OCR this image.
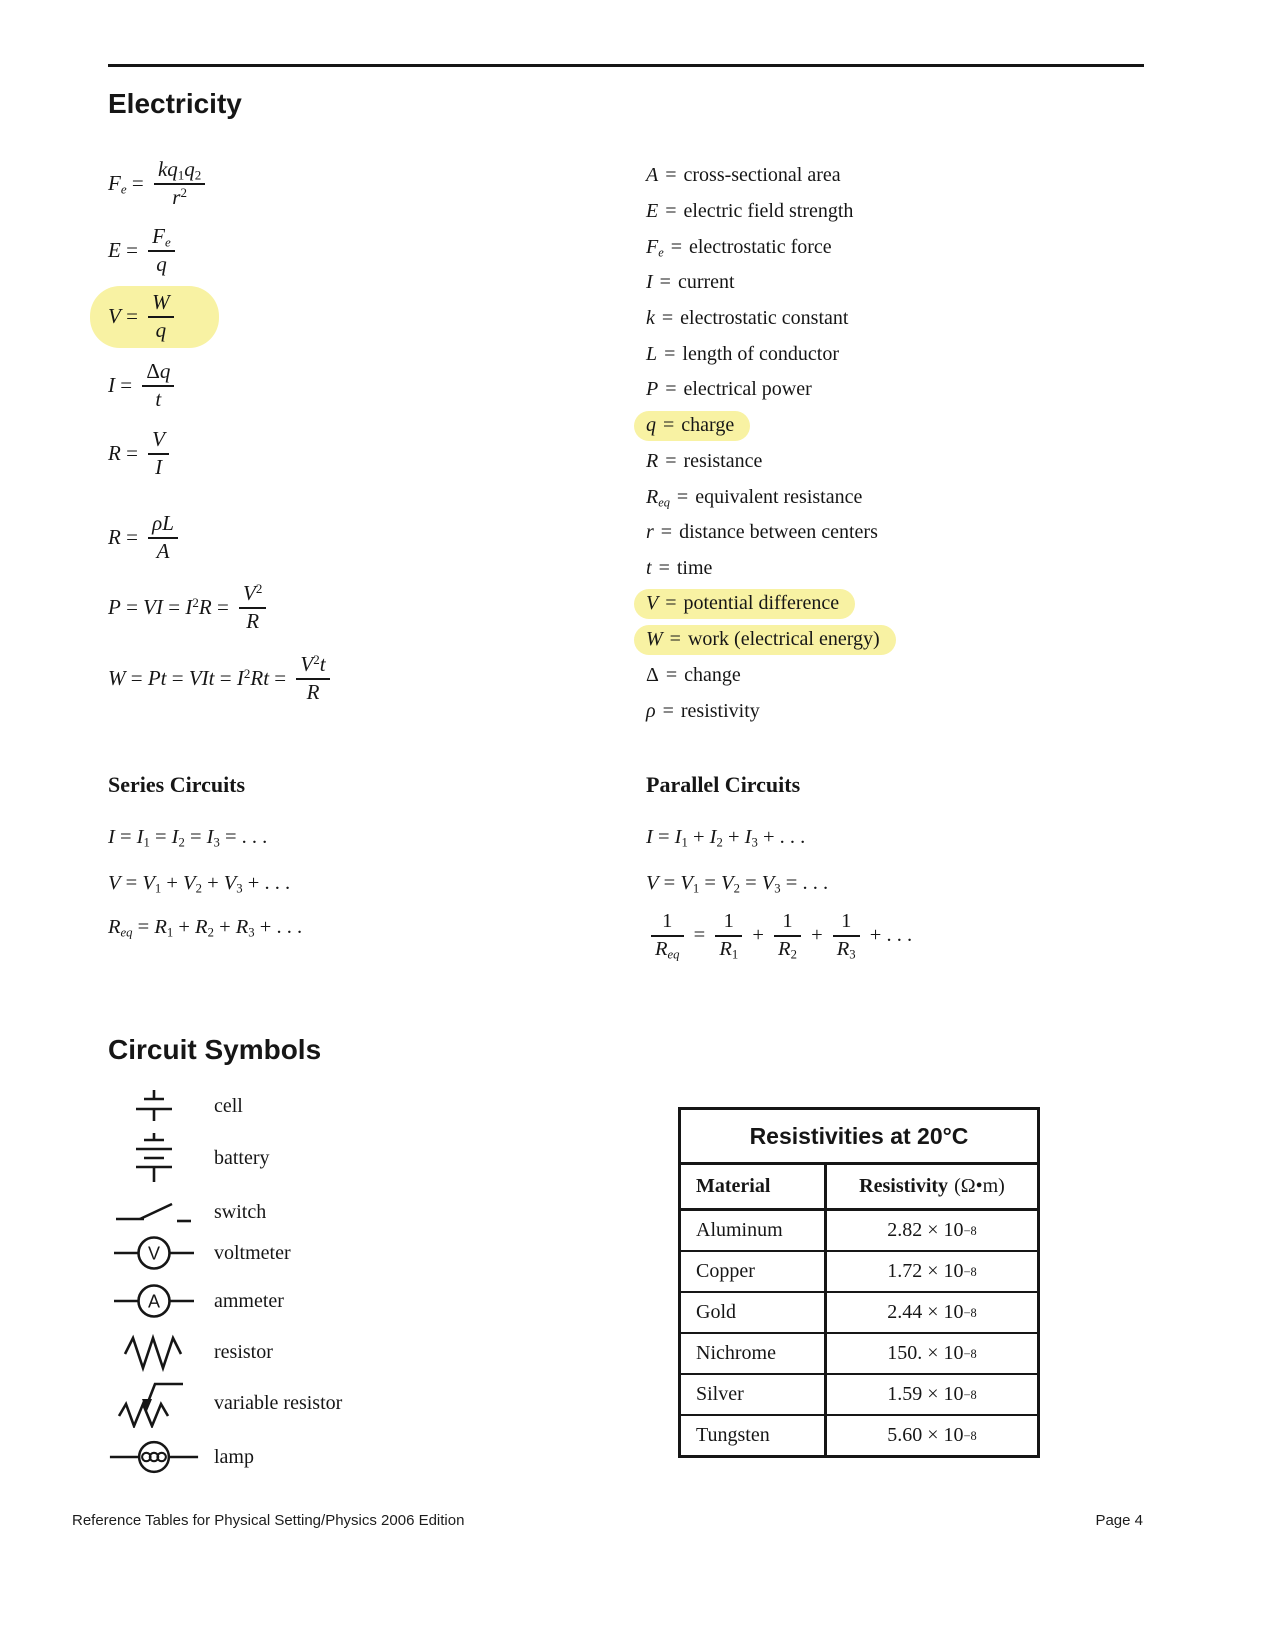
Electricity
$F_e = \frac{kq_1q_2}{r^2}$
$E = \frac{F_e}{q}$
$V = \frac{W}{q}$
$I = \frac{\Delta q}{t}$
$R = \frac{V}{I}$
$R = \frac{\rho L}{A}$
P = VI = $I^2R = \frac{V^2}{R}$
W = Pt = VIt = $I^2Rt = \frac{V^2t}{R}$
A = cross-sectional area
E = electric field strength
$F_e$ = electrostatic force
I = current
k = electrostatic constant
L = length of conductor
P = electrical power
q = charge
R = resistance
$R_{eq}$ = equivalent resistance
r = distance between centers
t = time
V = potential difference
W = work (electrical energy)
Δ = change
ρ = resistivity
Series Circuits	Parallel Circuits
$I = I_1 = I_2 = I_3$ = . . .
$V = V_1 + V_2 + V_3$ + . . .
$R_{eq} = R_1 + R_2 + R_3$ + . . .
$I = I_1 + I_2 + I_3$ + . . .
$V = V_1 = V_2 = V_3$ = . . .
$\frac{1}{R_{eq}} = \frac{1}{R_1} + \frac{1}{R_2} + \frac{1}{R_3}$ + . . .
Circuit Symbols
cell
battery
switch
V	voltmeter
A	ammeter
resistor
variable resistor
lamp
Resistivities at 20°C
Material	Resistivity (Ω•m)
Aluminum	2.82 × 10 −8
Copper	1.72 × 10 −8
Gold	2.44 × 10 −8
Nichrome	150. × 10 −8
Silver	1.59 × 10 −8
Tungsten	5.60 × 10 −8
Reference Tables for Physical Setting/Physics 2006 Edition	Page 4
